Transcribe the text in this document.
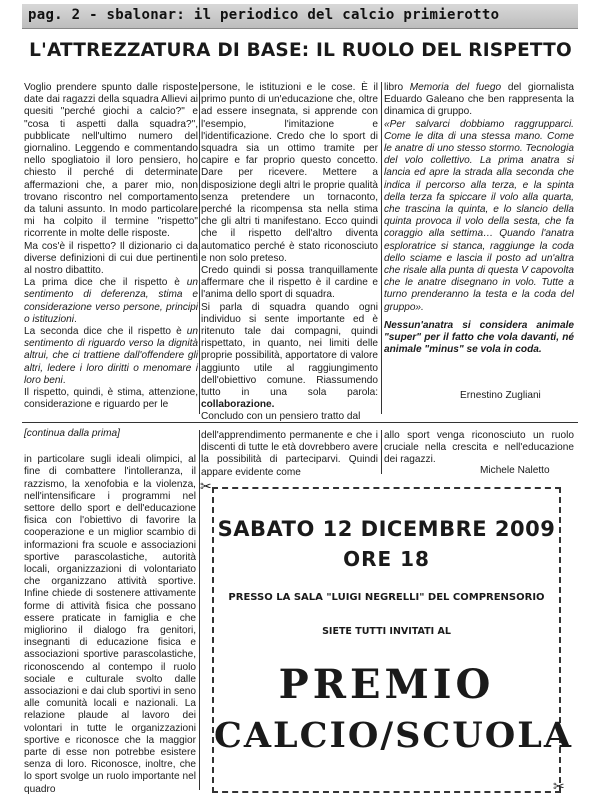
pag. 2 - sbalonar: il periodico del calcio primierotto
L'ATTREZZATURA DI BASE: IL RUOLO DEL RISPETTO

Voglio prendere spunto dalle risposte date dai ragazzi della squadra Allievi ai quesiti "perché giochi a calcio?" e "cosa ti aspetti dalla squadra?", pubblicate nell'ultimo numero del giornalino. Leggendo e commentando nello spogliatoio il loro pensiero, ho chiesto il perché di determinate affermazioni che, a parer mio, non trovano riscontro nel comportamento da taluni assunto. In modo particolare mi ha colpito il termine "rispetto" ricorrente in molte delle risposte.

Ma cos'è il rispetto? Il dizionario ci da diverse definizioni di cui due pertinenti al nostro dibattito.

La prima dice che il rispetto è un sentimento di deferenza, stima e considerazione verso persone, principi o istituzioni.

La seconda dice che il rispetto è un sentimento di riguardo verso la dignità altrui, che ci trattiene dall'offendere gli altri, ledere i loro diritti o menomare i loro beni.

Il rispetto, quindi, è stima, attenzione, considerazione e riguardo per le

persone, le istituzioni e le cose. È il primo punto di un'educazione che, oltre ad essere insegnata, si apprende con l'esempio, l'imitazione e l'identificazione. Credo che lo sport di squadra sia un ottimo tramite per capire e far proprio questo concetto. Dare per ricevere. Mettere a disposizione degli altri le proprie qualità senza pretendere un tornaconto, perché la ricompensa sta nella stima che gli altri ti manifestano. Ecco quindi che il rispetto dell'altro diventa automatico perché è stato riconosciuto e non solo preteso.

Credo quindi si possa tranquillamente affermare che il rispetto è il cardine e l'anima dello sport di squadra.

Si parla di squadra quando ogni individuo si sente importante ed è ritenuto tale dai compagni, quindi rispettato, in quanto, nei limiti delle proprie possibilità, apportatore di valore aggiunto utile al raggiungimento dell'obiettivo comune. Riassumendo tutto in una sola parola: collaborazione.

Concludo con un pensiero tratto dal

libro Memoria del fuego del giornalista Eduardo Galeano che ben rappresenta la dinamica di gruppo.

«Per salvarci dobbiamo raggrupparci. Come le dita di una stessa mano. Come le anatre di uno stesso stormo. Tecnologia del volo collettivo. La prima anatra si lancia ed apre la strada alla seconda che indica il percorso alla terza, e la spinta della terza fa spiccare il volo alla quarta, che trascina la quinta, e lo slancio della quinta provoca il volo della sesta, che fa coraggio alla settima… Quando l'anatra esploratrice si stanca, raggiunge la coda dello sciame e lascia il posto ad un'altra che risale alla punta di questa V capovolta che le anatre disegnano in volo. Tutte a turno prenderanno la testa e la coda del gruppo».

Nessun'anatra si considera animale "super" per il fatto che vola davanti, né animale "minus" se vola in coda.

Ernestino Zugliani

[continua dalla prima]

in particolare sugli ideali olimpici, al fine di combattere l'intolleranza, il razzismo, la xenofobia e la violenza, nell'intensificare i programmi nel settore dello sport e dell'educazione fisica con l'obiettivo di favorire la cooperazione e un miglior scambio di informazioni fra scuole e associazioni sportive parascolastiche, autorità locali, organizzazioni di volontariato che organizzano attività sportive. Infine chiede di sostenere attivamente forme di attività fisica che possano essere praticate in famiglia e che migliorino il dialogo fra genitori, insegnanti di educazione fisica e associazioni sportive parascolastiche, riconoscendo al contempo il ruolo sociale e culturale svolto dalle associazioni e dai club sportivi in seno alle comunità locali e nazionali. La relazione plaude al lavoro dei volontari in tutte le organizzazioni sportive e riconosce che la maggior parte di esse non potrebbe esistere senza di loro. Riconosce, inoltre, che lo sport svolge un ruolo importante nel quadro

dell'apprendimento permanente e che i discenti di tutte le età dovrebbero avere la possibilità di parteciparvi. Quindi appare evidente come

allo sport venga riconosciuto un ruolo cruciale nella crescita e nell'educazione dei ragazzi.

Michele Naletto
✂
✂
SABATO 12 DICEMBRE 2009
ORE 18
PRESSO LA SALA "LUIGI NEGRELLI" DEL COMPRENSORIO
SIETE TUTTI INVITATI AL
PREMIO
CALCIO/SCUOLA
